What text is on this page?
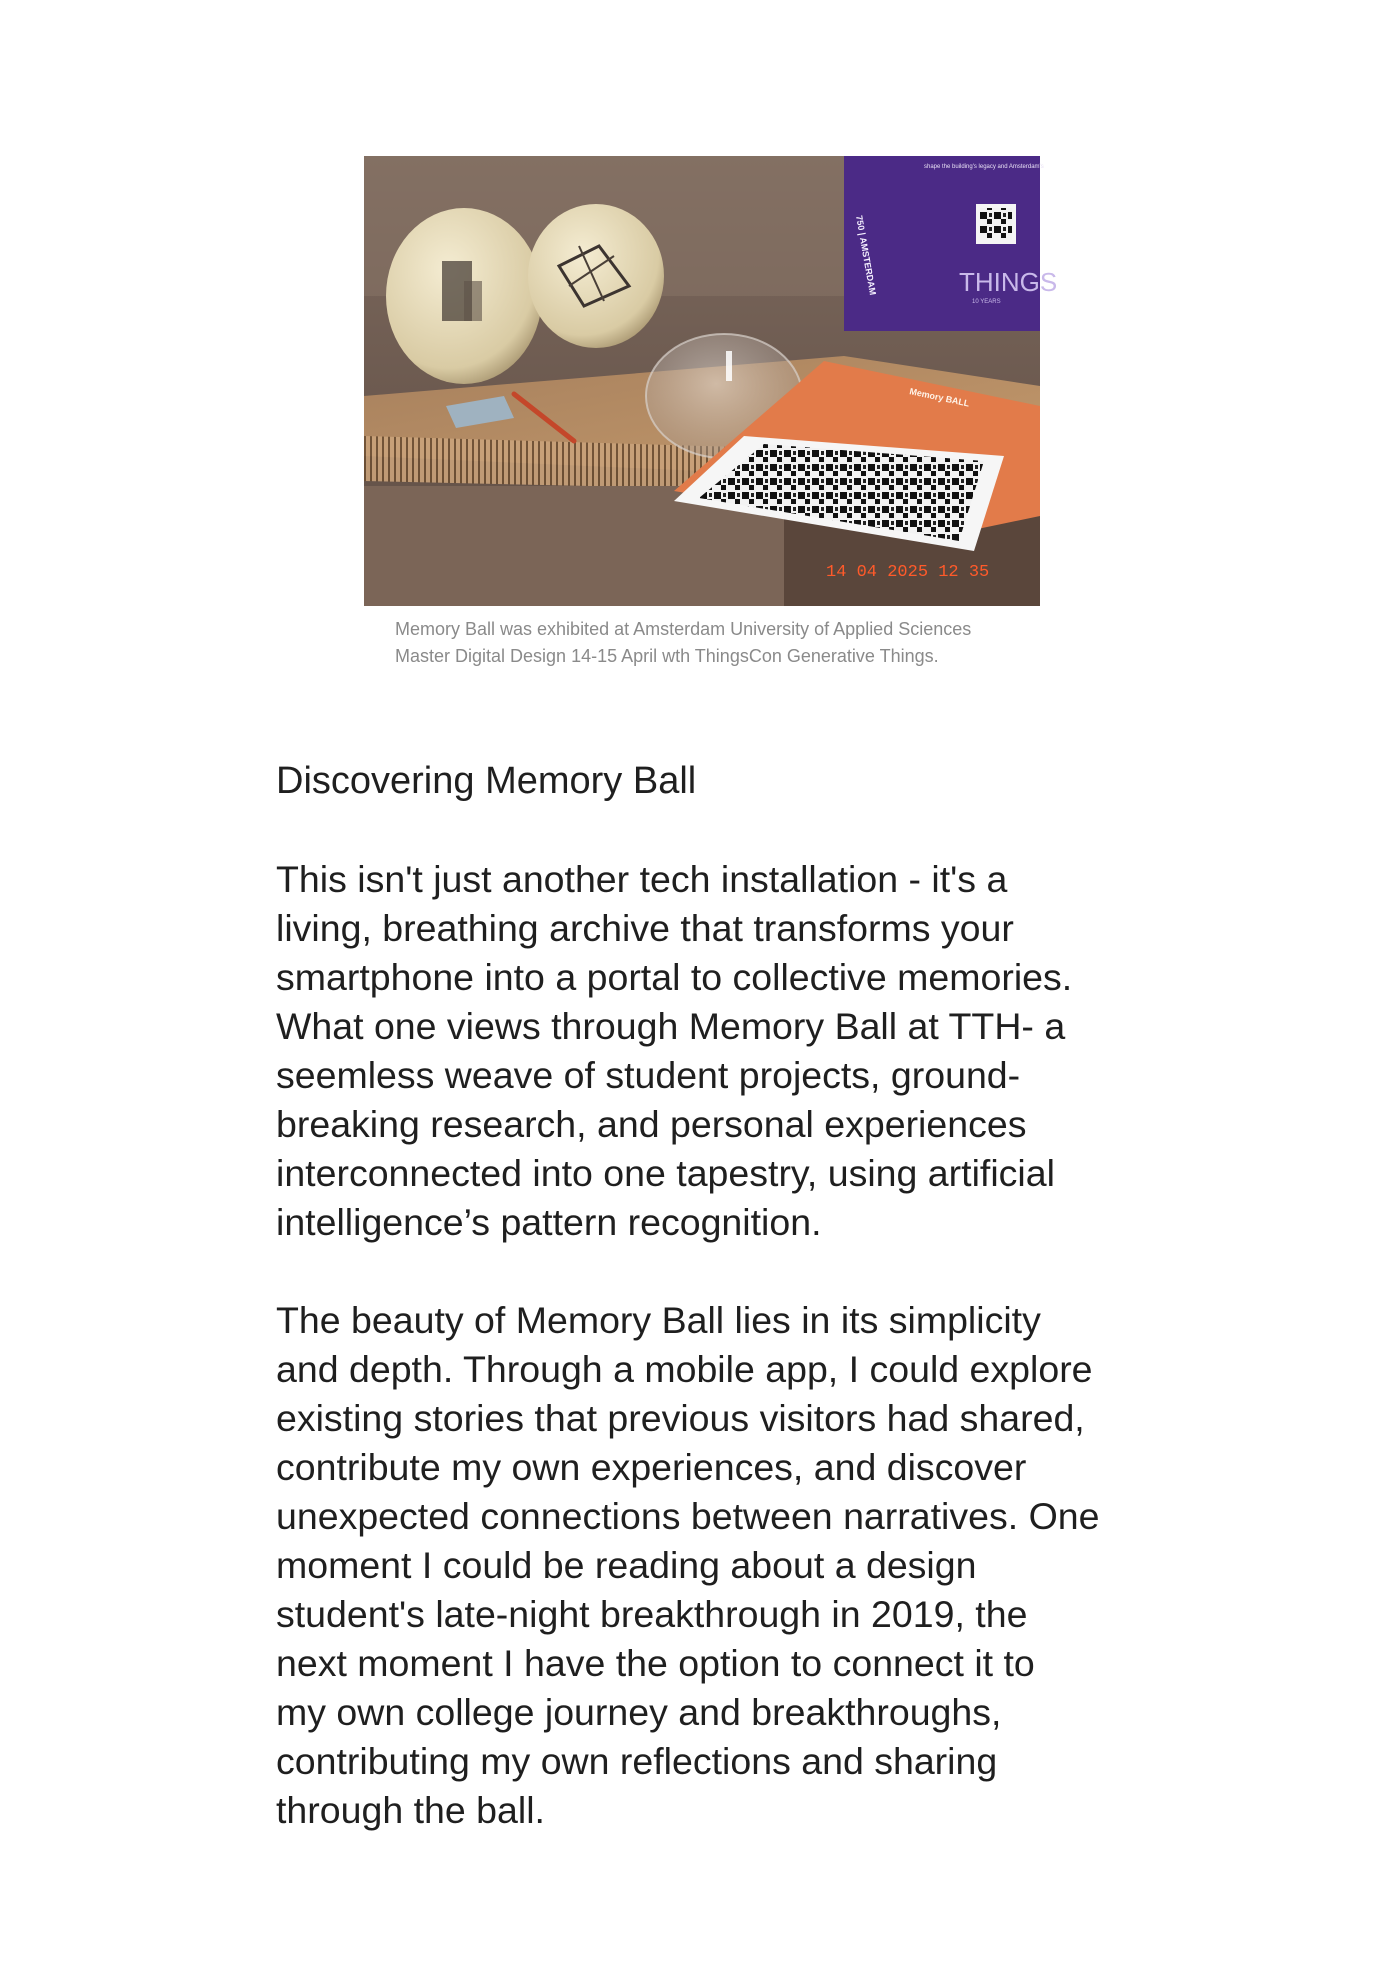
shape the building's legacy and Amsterdam's
750 | AMSTERDAM	THINGS
10 YEARS
Memory BALL
14 04 2025 12 35
Memory Ball was exhibited at Amsterdam University of Applied Sciences
Master Digital Design 14-15 April wth ThingsCon Generative Things.
Discovering Memory Ball
This isn't just another tech installation - it's a
living, breathing archive that transforms your
smartphone into a portal to collective memories.
What one views through Memory Ball at TTH- a
seemless weave of student projects, ground-
breaking research, and personal experiences
interconnected into one tapestry, using artificial
intelligence’s pattern recognition.
The beauty of Memory Ball lies in its simplicity
and depth. Through a mobile app, I could explore
existing stories that previous visitors had shared,
contribute my own experiences, and discover
unexpected connections between narratives. One
moment I could be reading about a design
student's late-night breakthrough in 2019, the
next moment I have the option to connect it to
my own college journey and breakthroughs,
contributing my own reflections and sharing
through the ball.
